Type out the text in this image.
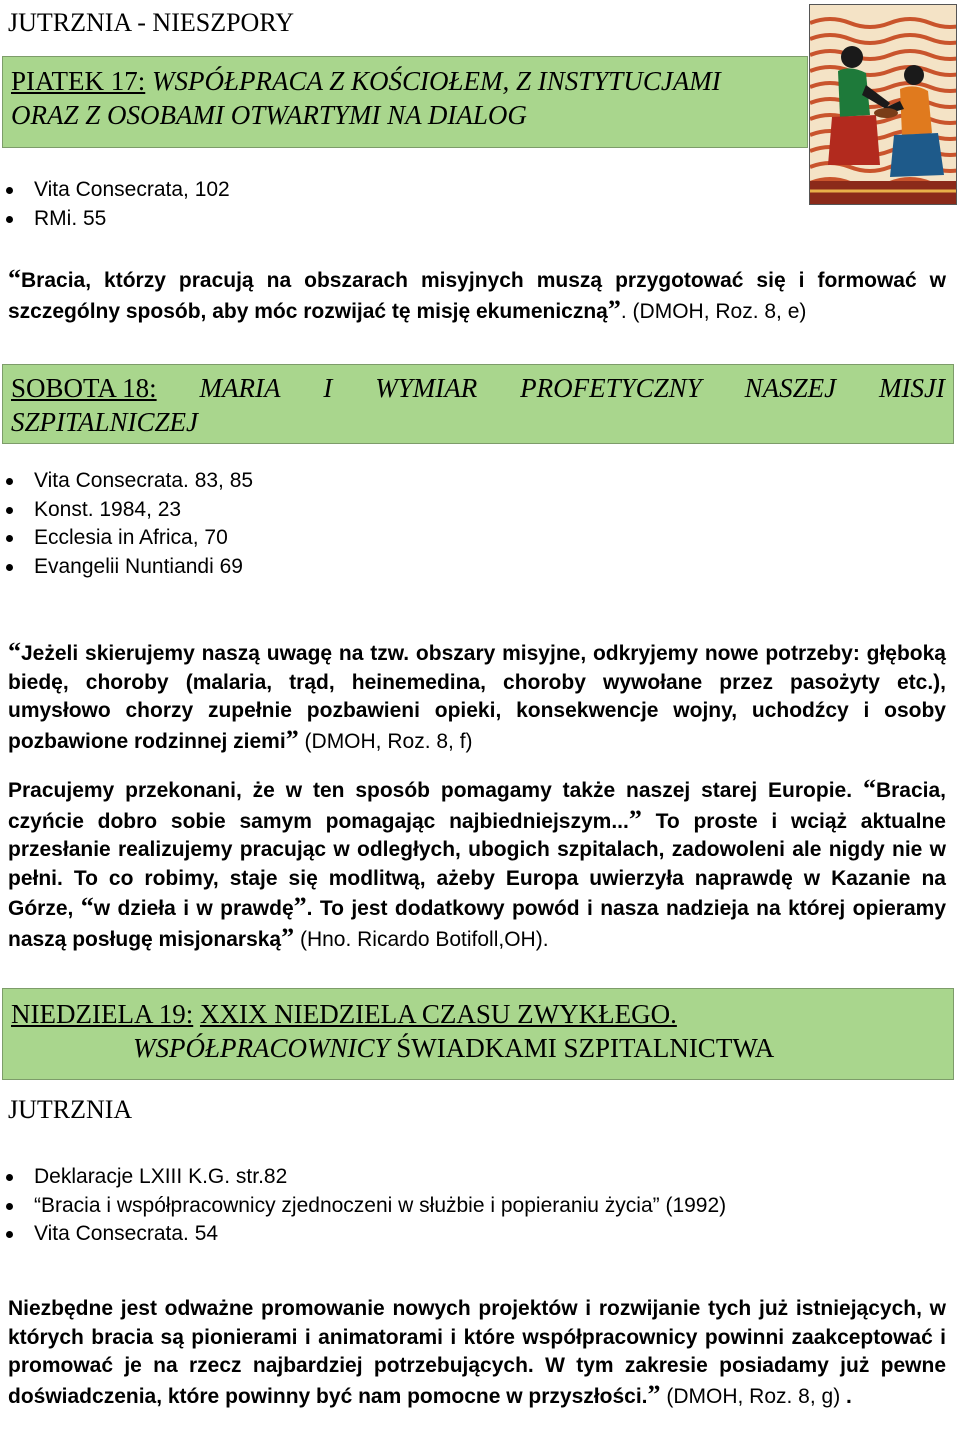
JUTRZNIA - NIESZPORY
PIATEK 17: WSPÓŁPRACA Z KOŚCIOŁEM, Z INSTYTUCJAMI
ORAZ Z OSOBAMI OTWARTYMI NA DIALOG
Vita Consecrata, 102
RMi. 55
“Bracia, którzy pracują na obszarach misyjnych muszą przygotować się i formować w szczególny sposób, aby móc rozwijać tę misję ekumeniczną”. (DMOH, Roz. 8, e)
SOBOTA 18: MARIA I WYMIAR PROFETYCZNY NASZEJ MISJI
SZPITALNICZEJ
Vita Consecrata. 83, 85
Konst. 1984, 23
Ecclesia in Africa, 70
Evangelii Nuntiandi 69
“Jeżeli skierujemy naszą uwagę na tzw. obszary misyjne, odkryjemy nowe potrzeby: głęboką biedę, choroby (malaria, trąd, heinemedina, choroby wywołane przez pasożyty etc.), umysłowo chorzy zupełnie pozbawieni opieki, konsekwencje wojny, uchodźcy i osoby pozbawione rodzinnej ziemi” (DMOH, Roz. 8, f)
Pracujemy przekonani, że w ten sposób pomagamy także naszej starej Europie. “Bracia, czyńcie dobro sobie samym pomagając najbiedniejszym...” To proste i wciąż aktualne przesłanie realizujemy pracując w odległych, ubogich szpitalach, zadowoleni ale nigdy nie w pełni. To co robimy, staje się modlitwą, ażeby Europa uwierzyła naprawdę w Kazanie na Górze, “w dzieła i w prawdę”. To jest dodatkowy powód i nasza nadzieja na której opieramy naszą posługę misjonarską” (Hno. Ricardo Botifoll,OH).
NIEDZIELA 19: XXIX NIEDZIELA CZASU ZWYKŁEGO.
WSPÓŁPRACOWNICY ŚWIADKAMI SZPITALNICTWA
JUTRZNIA
Deklaracje LXIII K.G. str.82
“Bracia i współpracownicy zjednoczeni w służbie i popieraniu życia” (1992)
Vita Consecrata. 54
Niezbędne jest odważne promowanie nowych projektów i rozwijanie tych już istniejących, w których bracia są pionierami i animatorami i które współpracownicy powinni zaakceptować i promować je na rzecz najbardziej potrzebujących. W tym zakresie posiadamy już pewne doświadczenia, które powinny być nam pomocne w przyszłości.” (DMOH, Roz. 8, g) .
